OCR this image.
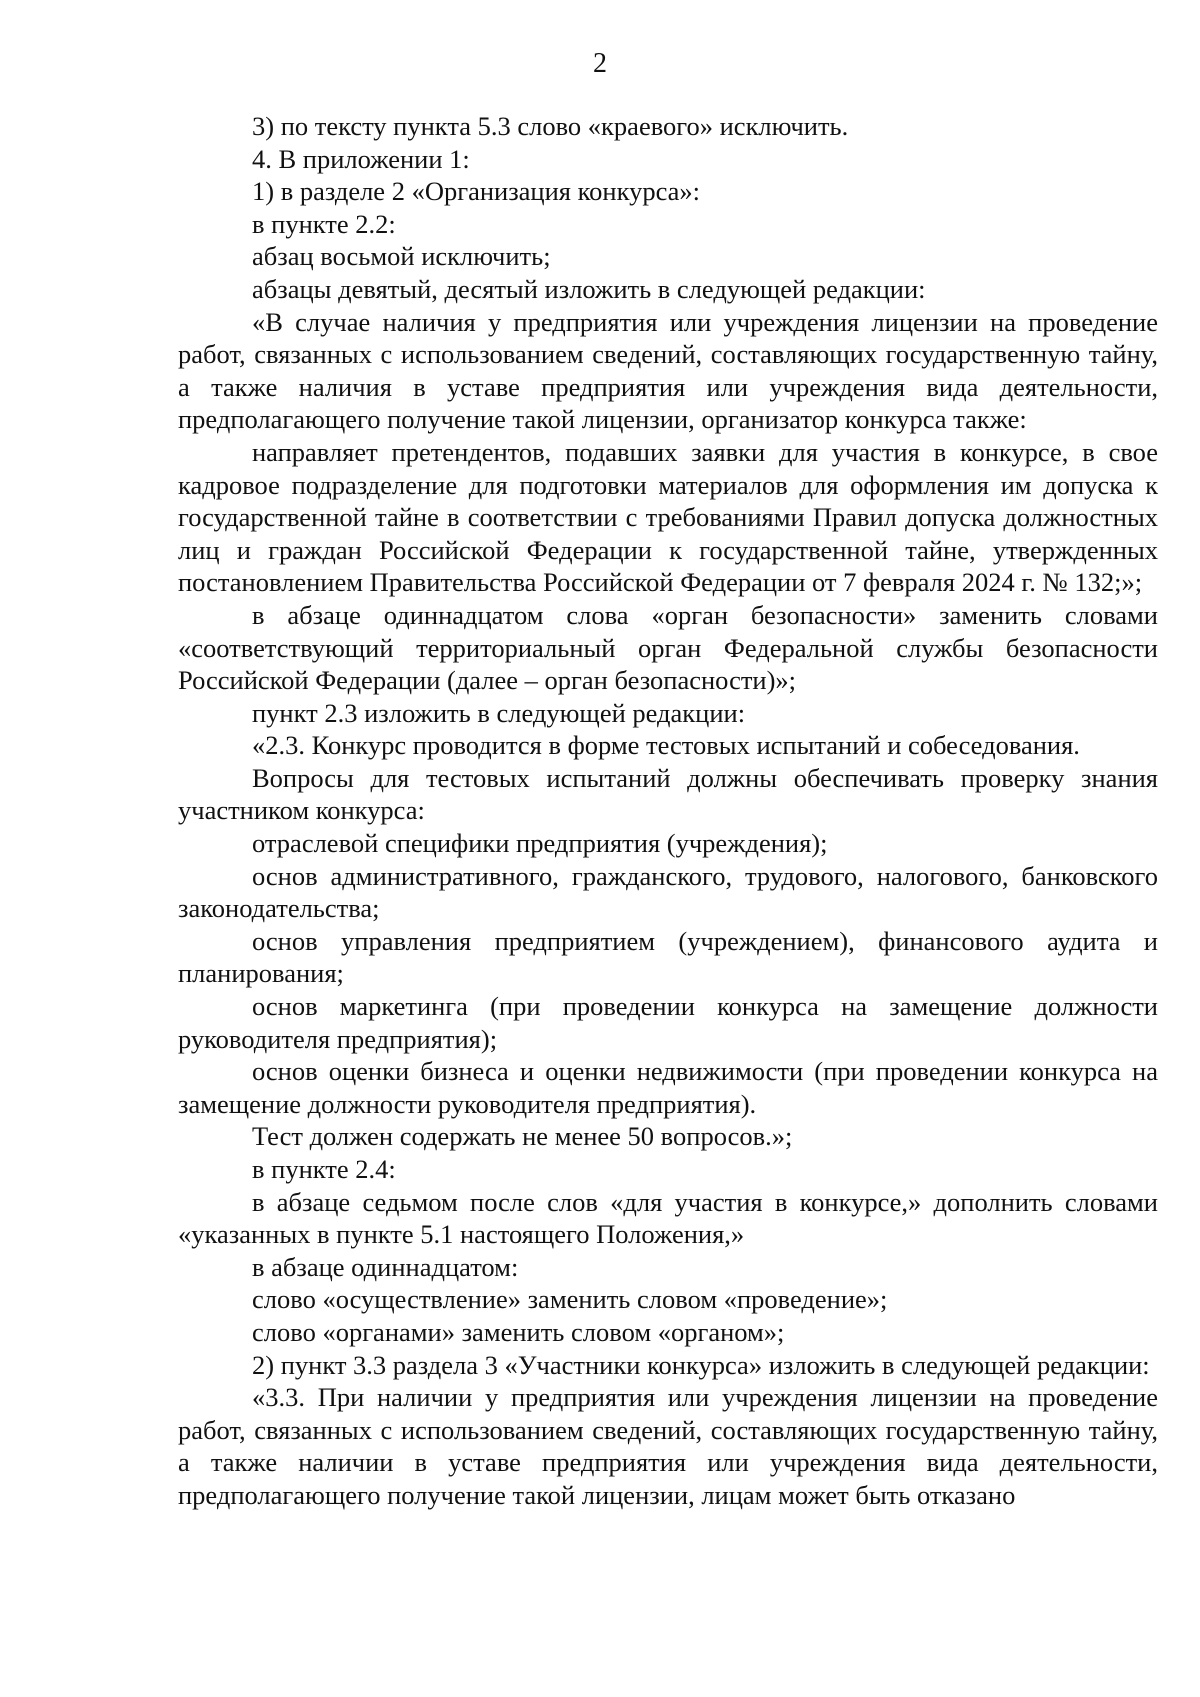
2

3) по тексту пункта 5.3 слово «краевого» исключить.

4. В приложении 1:

1) в разделе 2 «Организация конкурса»:

в пункте 2.2:

абзац восьмой исключить;

абзацы девятый, десятый изложить в следующей редакции:

«В случае наличия у предприятия или учреждения лицензии на проведение работ, связанных с использованием сведений, составляющих государственную тайну, а также наличия в уставе предприятия или учреждения вида деятельности, предполагающего получение такой лицензии, организатор конкурса также:

направляет претендентов, подавших заявки для участия в конкурсе, в свое кадровое подразделение для подготовки материалов для оформления им допуска к государственной тайне в соответствии с требованиями Правил допуска должностных лиц и граждан Российской Федерации к государственной тайне, утвержденных постановлением Правительства Российской Федерации от 7 февраля 2024 г. № 132;»;

в абзаце одиннадцатом слова «орган безопасности» заменить словами «соответствующий территориальный орган Федеральной службы безопасности Российской Федерации (далее – орган безопасности)»;

пункт 2.3 изложить в следующей редакции:

«2.3. Конкурс проводится в форме тестовых испытаний и собеседования.

Вопросы для тестовых испытаний должны обеспечивать проверку знания участником конкурса:

отраслевой специфики предприятия (учреждения);

основ административного, гражданского, трудового, налогового, банковского законодательства;

основ управления предприятием (учреждением), финансового аудита и планирования;

основ маркетинга (при проведении конкурса на замещение должности руководителя предприятия);

основ оценки бизнеса и оценки недвижимости (при проведении конкурса на замещение должности руководителя предприятия).

Тест должен содержать не менее 50 вопросов.»;

в пункте 2.4:

в абзаце седьмом после слов «для участия в конкурсе,» дополнить словами «указанных в пункте 5.1 настоящего Положения,»

в абзаце одиннадцатом:

слово «осуществление» заменить словом «проведение»;

слово «органами» заменить словом «органом»;

2) пункт 3.3 раздела 3 «Участники конкурса» изложить в следующей редакции:

«3.3. При наличии у предприятия или учреждения лицензии на проведение работ, связанных с использованием сведений, составляющих государственную тайну, а также наличии в уставе предприятия или учреждения вида деятельности, предполагающего получение такой лицензии, лицам может быть отказано
